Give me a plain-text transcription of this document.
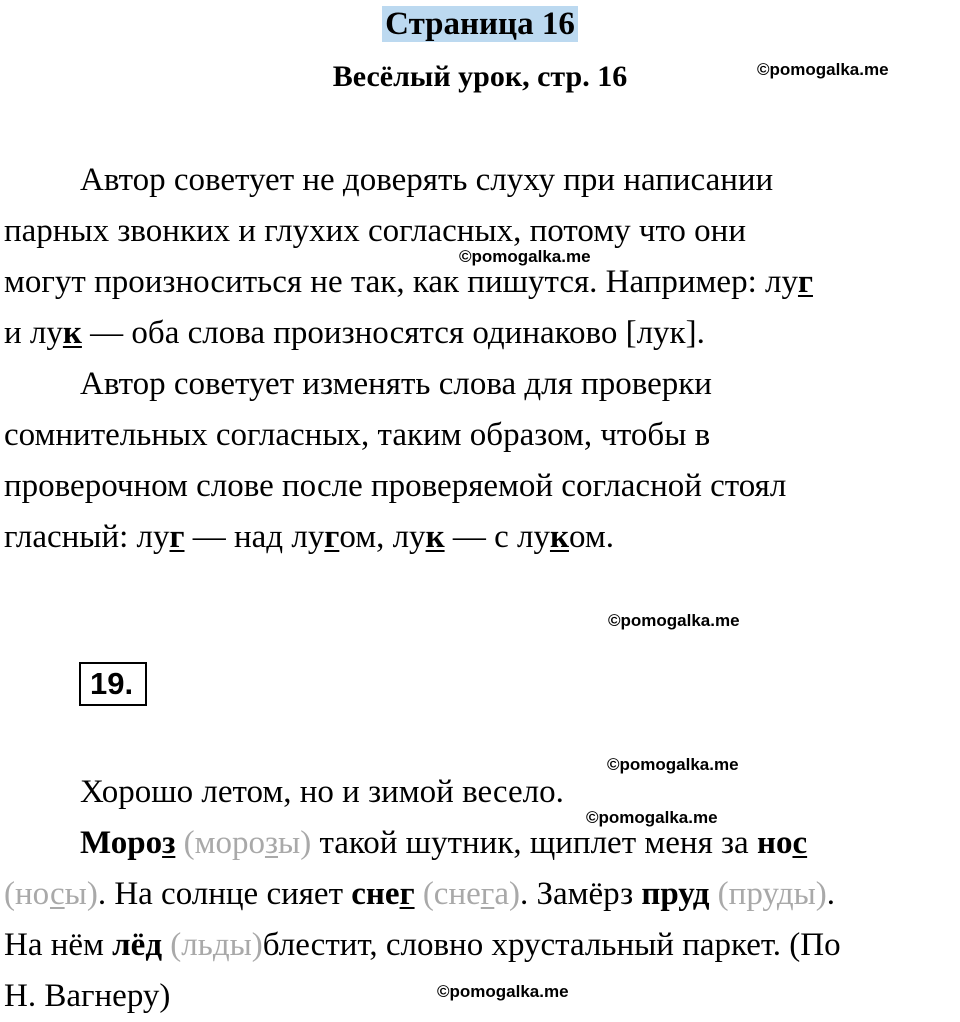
Страница 16
Весёлый урок, стр. 16	©pomogalka.me
©pomogalka.me
©pomogalka.me
©pomogalka.me
©pomogalka.me
©pomogalka.me
Автор советует не доверять слуху при написании
парных звонких и глухих согласных, потому что они
могут произноситься не так, как пишутся. Например: луг
и лук — оба слова произносятся одинаково [лук].
Автор советует изменять слова для проверки
сомнительных согласных, таким образом, чтобы в
проверочном слове после проверяемой согласной стоял
гласный: луг — над лугом, лук — с луком.
19.
Хорошо летом, но и зимой весело.
Мороз (морозы) такой шутник, щиплет меня за нос
(носы). На солнце сияет снег (снега). Замёрз пруд (пруды).
На нём лёд (льды)блестит, словно хрустальный паркет. (По
Н. Вагнеру)
